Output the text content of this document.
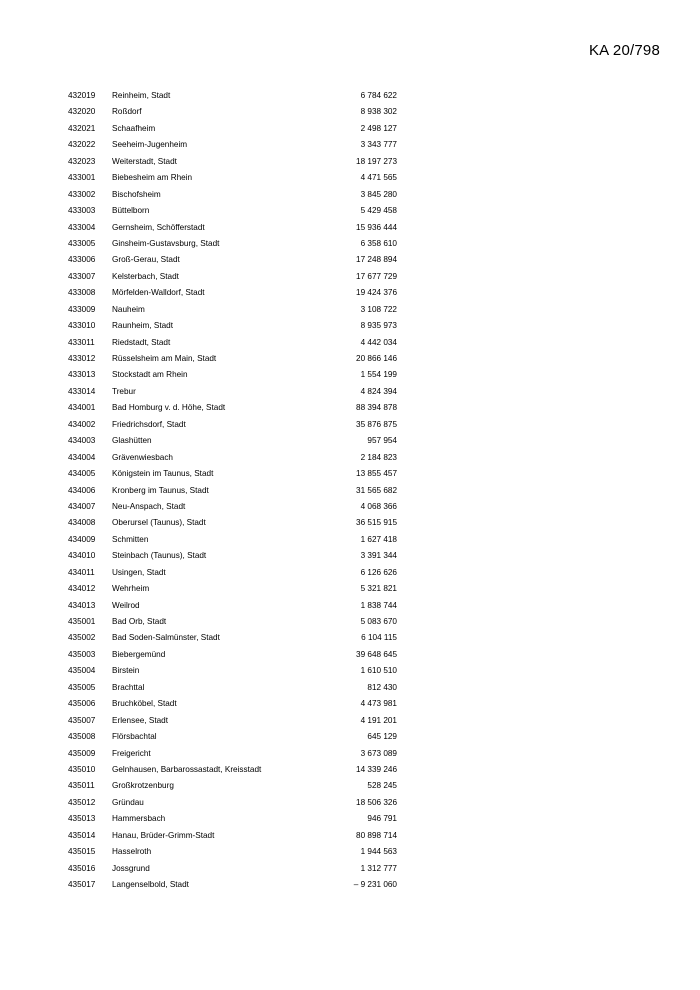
KA 20/798
432019 Reinheim, Stadt	6 784 622
432020 Roßdorf	8 938 302
432021 Schaafheim	2 498 127
432022 Seeheim-Jugenheim	3 343 777
432023 Weiterstadt, Stadt	18 197 273
433001 Biebesheim am Rhein	4 471 565
433002 Bischofsheim	3 845 280
433003 Büttelborn	5 429 458
433004 Gernsheim, Schöfferstadt	15 936 444
433005 Ginsheim-Gustavsburg, Stadt	6 358 610
433006 Groß-Gerau, Stadt	17 248 894
433007 Kelsterbach, Stadt	17 677 729
433008 Mörfelden-Walldorf, Stadt	19 424 376
433009 Nauheim	3 108 722
433010 Raunheim, Stadt	8 935 973
433011 Riedstadt, Stadt	4 442 034
433012 Rüsselsheim am Main, Stadt	20 866 146
433013 Stockstadt am Rhein	1 554 199
433014 Trebur	4 824 394
434001 Bad Homburg v. d. Höhe, Stadt	88 394 878
434002 Friedrichsdorf, Stadt	35 876 875
434003 Glashütten	957 954
434004 Grävenwiesbach	2 184 823
434005 Königstein im Taunus, Stadt	13 855 457
434006 Kronberg im Taunus, Stadt	31 565 682
434007 Neu-Anspach, Stadt	4 068 366
434008 Oberursel (Taunus), Stadt	36 515 915
434009 Schmitten	1 627 418
434010 Steinbach (Taunus), Stadt	3 391 344
434011 Usingen, Stadt	6 126 626
434012 Wehrheim	5 321 821
434013 Weilrod	1 838 744
435001 Bad Orb, Stadt	5 083 670
435002 Bad Soden-Salmünster, Stadt	6 104 115
435003 Biebergemünd	39 648 645
435004 Birstein	1 610 510
435005 Brachttal	812 430
435006 Bruchköbel, Stadt	4 473 981
435007 Erlensee, Stadt	4 191 201
435008 Flörsbachtal	645 129
435009 Freigericht	3 673 089
435010 Gelnhausen, Barbarossastadt, Kreisstadt	14 339 246
435011 Großkrotzenburg	528 245
435012 Gründau	18 506 326
435013 Hammersbach	946 791
435014 Hanau, Brüder-Grimm-Stadt	80 898 714
435015 Hasselroth	1 944 563
435016 Jossgrund	1 312 777
435017 Langenselbold, Stadt	– 9 231 060
